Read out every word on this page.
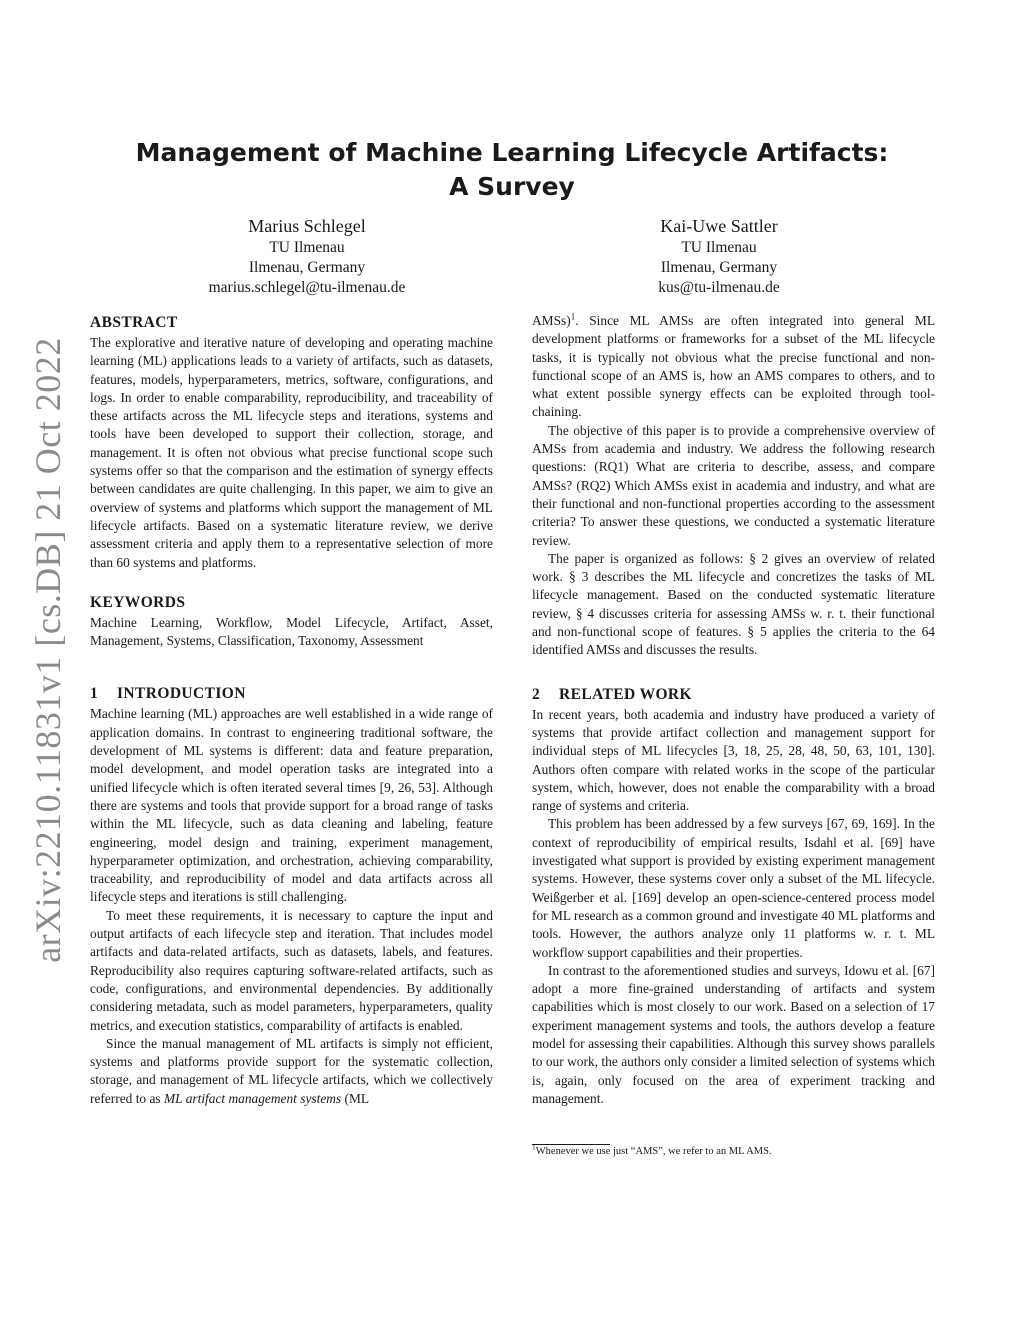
arXiv:2210.11831v1 [cs.DB] 21 Oct 2022
Management of Machine Learning Lifecycle Artifacts:
A Survey
Marius Schlegel
TU Ilmenau
Ilmenau, Germany
marius.schlegel@tu-ilmenau.de
Kai-Uwe Sattler
TU Ilmenau
Ilmenau, Germany
kus@tu-ilmenau.de
ABSTRACT

The explorative and iterative nature of developing and operating machine learning (ML) applications leads to a variety of artifacts, such as datasets, features, models, hyperparameters, metrics, software, configurations, and logs. In order to enable comparability, reproducibility, and traceability of these artifacts across the ML lifecycle steps and iterations, systems and tools have been developed to support their collection, storage, and management. It is often not obvious what precise functional scope such systems offer so that the comparison and the estimation of synergy effects between candidates are quite challenging. In this paper, we aim to give an overview of systems and platforms which support the management of ML lifecycle artifacts. Based on a systematic literature review, we derive assessment criteria and apply them to a representative selection of more than 60 systems and platforms.

KEYWORDS

Machine Learning, Workflow, Model Lifecycle, Artifact, Asset, Management, Systems, Classification, Taxonomy, Assessment

1 INTRODUCTION

Machine learning (ML) approaches are well established in a wide range of application domains. In contrast to engineering traditional software, the development of ML systems is different: data and feature preparation, model development, and model operation tasks are integrated into a unified lifecycle which is often iterated several times [9, 26, 53]. Although there are systems and tools that provide support for a broad range of tasks within the ML lifecycle, such as data cleaning and labeling, feature engineering, model design and training, experiment management, hyperparameter optimization, and orchestration, achieving comparability, traceability, and reproducibility of model and data artifacts across all lifecycle steps and iterations is still challenging.

To meet these requirements, it is necessary to capture the input and output artifacts of each lifecycle step and iteration. That includes model artifacts and data-related artifacts, such as datasets, labels, and features. Reproducibility also requires capturing software-related artifacts, such as code, configurations, and environmental dependencies. By additionally considering metadata, such as model parameters, hyperparameters, quality metrics, and execution statistics, comparability of artifacts is enabled.

Since the manual management of ML artifacts is simply not efficient, systems and platforms provide support for the systematic collection, storage, and management of ML lifecycle artifacts, which we collectively referred to as ML artifact management systems (ML

AMSs)$^1$. Since ML AMSs are often integrated into general ML development platforms or frameworks for a subset of the ML lifecycle tasks, it is typically not obvious what the precise functional and non-functional scope of an AMS is, how an AMS compares to others, and to what extent possible synergy effects can be exploited through tool-chaining.

The objective of this paper is to provide a comprehensive overview of AMSs from academia and industry. We address the following research questions: (RQ1) What are criteria to describe, assess, and compare AMSs? (RQ2) Which AMSs exist in academia and industry, and what are their functional and non-functional properties according to the assessment criteria? To answer these questions, we conducted a systematic literature review.

The paper is organized as follows: § 2 gives an overview of related work. § 3 describes the ML lifecycle and concretizes the tasks of ML lifecycle management. Based on the conducted systematic literature review, § 4 discusses criteria for assessing AMSs w. r. t. their functional and non-functional scope of features. § 5 applies the criteria to the 64 identified AMSs and discusses the results.

2 RELATED WORK

In recent years, both academia and industry have produced a variety of systems that provide artifact collection and management support for individual steps of ML lifecycles [3, 18, 25, 28, 48, 50, 63, 101, 130]. Authors often compare with related works in the scope of the particular system, which, however, does not enable the comparability with a broad range of systems and criteria.

This problem has been addressed by a few surveys [67, 69, 169]. In the context of reproducibility of empirical results, Isdahl et al. [69] have investigated what support is provided by existing experiment management systems. However, these systems cover only a subset of the ML lifecycle. Weißgerber et al. [169] develop an open-science-centered process model for ML research as a common ground and investigate 40 ML platforms and tools. However, the authors analyze only 11 platforms w. r. t. ML workflow support capabilities and their properties.

In contrast to the aforementioned studies and surveys, Idowu et al. [67] adopt a more fine-grained understanding of artifacts and system capabilities which is most closely to our work. Based on a selection of 17 experiment management systems and tools, the authors develop a feature model for assessing their capabilities. Although this survey shows parallels to our work, the authors only consider a limited selection of systems which is, again, only focused on the area of experiment tracking and management.

$^1$Whenever we use just “AMS”, we refer to an ML AMS.
